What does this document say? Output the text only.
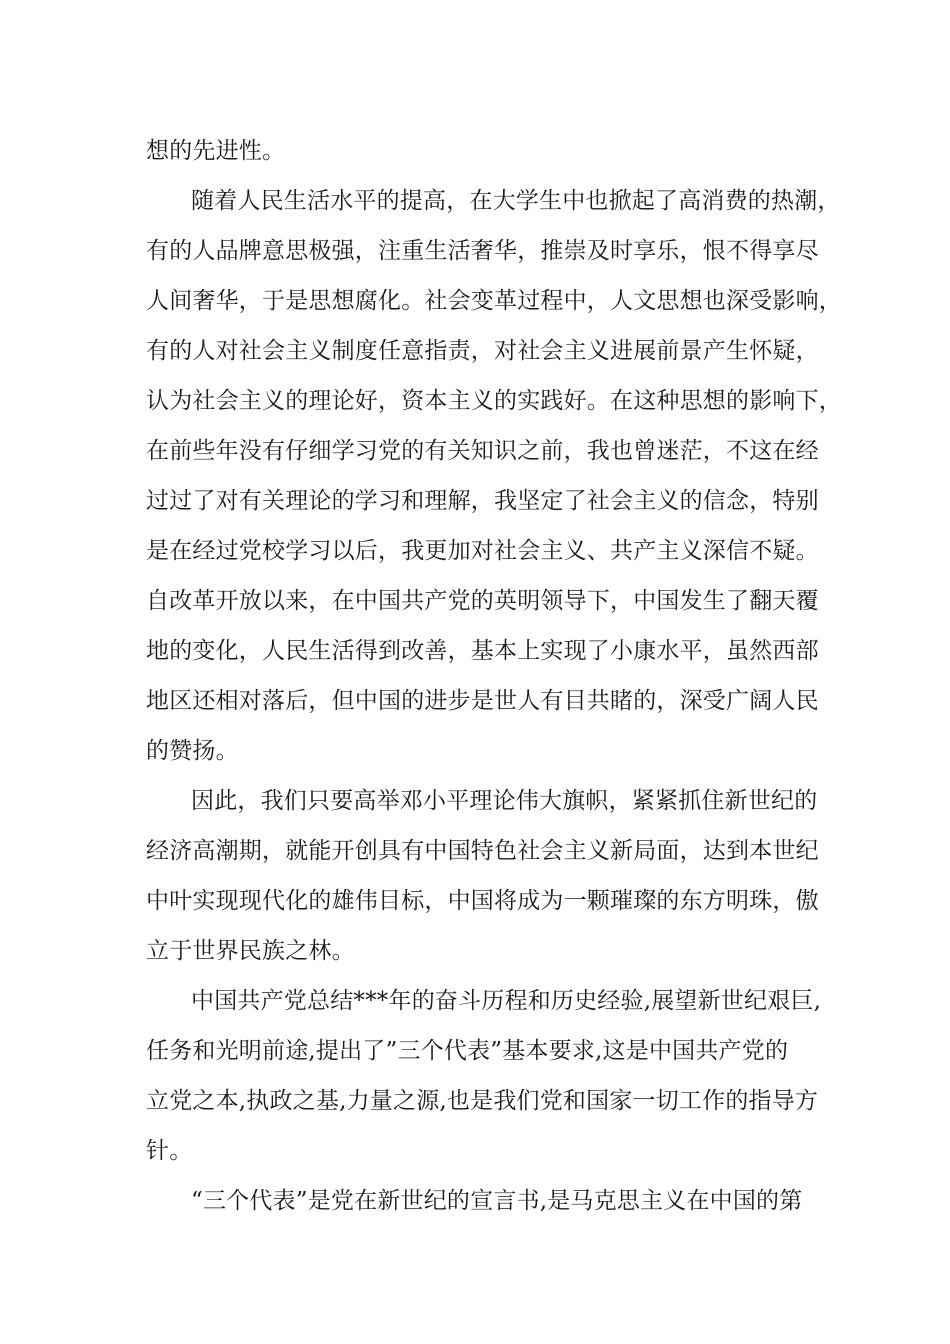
想的先进性。
随着人民生活水平的提高，在大学生中也掀起了高消费的热潮，
有的人品牌意思极强，注重生活奢华，推崇及时享乐，恨不得享尽
人间奢华，于是思想腐化。社会变革过程中，人文思想也深受影响，
有的人对社会主义制度任意指责，对社会主义进展前景产生怀疑，
认为社会主义的理论好，资本主义的实践好。在这种思想的影响下，
在前些年没有仔细学习党的有关知识之前，我也曾迷茫，不这在经
过过了对有关理论的学习和理解，我坚定了社会主义的信念，特别
是在经过党校学习以后，我更加对社会主义、共产主义深信不疑。
自改革开放以来，在中国共产党的英明领导下，中国发生了翻天覆
地的变化，人民生活得到改善，基本上实现了小康水平，虽然西部
地区还相对落后，但中国的进步是世人有目共睹的，深受广阔人民
的赞扬。
因此，我们只要高举邓小平理论伟大旗帜，紧紧抓住新世纪的
经济高潮期，就能开创具有中国特色社会主义新局面，达到本世纪
中叶实现现代化的雄伟目标，中国将成为一颗璀璨的东方明珠，傲
立于世界民族之林。
中国共产党总结***年的奋斗历程和历史经验,展望新世纪艰巨,
任务和光明前途,提出了”三个代表”基本要求,这是中国共产党的
立党之本,执政之基,力量之源,也是我们党和国家一切工作的指导方
针。
“三个代表”是党在新世纪的宣言书,是马克思主义在中国的第
